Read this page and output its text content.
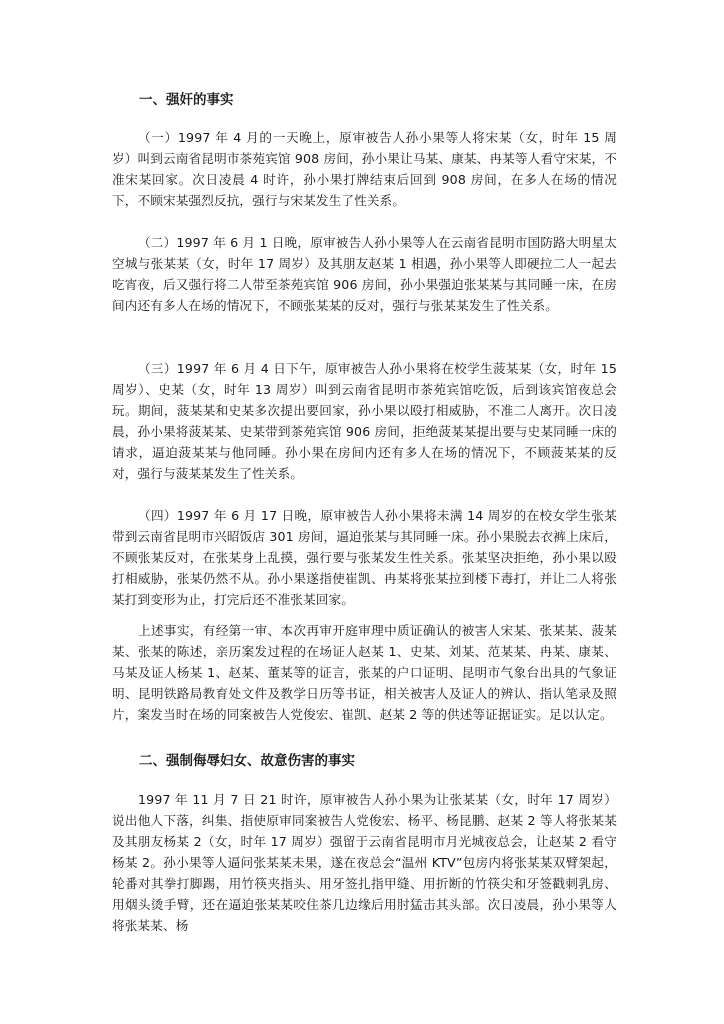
一、强奸的事实

（一）1997 年 4 月的一天晚上，原审被告人孙小果等人将宋某（女，时年 15 周岁）叫到云南省昆明市茶苑宾馆 908 房间，孙小果让马某、康某、冉某等人看守宋某，不准宋某回家。次日凌晨 4 时许，孙小果打牌结束后回到 908 房间，在多人在场的情况下，不顾宋某强烈反抗，强行与宋某发生了性关系。

（二）1997 年 6 月 1 日晚，原审被告人孙小果等人在云南省昆明市国防路大明星太空城与张某某（女，时年 17 周岁）及其朋友赵某 1 相遇，孙小果等人即硬拉二人一起去吃宵夜，后又强行将二人带至茶苑宾馆 906 房间，孙小果强迫张某某与其同睡一床，在房间内还有多人在场的情况下，不顾张某某的反对，强行与张某某发生了性关系。

（三）1997 年 6 月 4 日下午，原审被告人孙小果将在校学生菠某某（女，时年 15 周岁）、史某（女，时年 13 周岁）叫到云南省昆明市茶苑宾馆吃饭，后到该宾馆夜总会玩。期间，菠某某和史某多次提出要回家，孙小果以殴打相威胁，不准二人离开。次日凌晨，孙小果将菠某某、史某带到茶苑宾馆 906 房间，拒绝菠某某提出要与史某同睡一床的请求，逼迫菠某某与他同睡。孙小果在房间内还有多人在场的情况下，不顾菠某某的反对，强行与菠某某发生了性关系。

（四）1997 年 6 月 17 日晚，原审被告人孙小果将未满 14 周岁的在校女学生张某带到云南省昆明市兴昭饭店 301 房间，逼迫张某与其同睡一床。孙小果脱去衣裤上床后，不顾张某反对，在张某身上乱摸，强行要与张某发生性关系。张某坚决拒绝，孙小果以殴打相威胁，张某仍然不从。孙小果遂指使崔凯、冉某将张某拉到楼下毒打，并让二人将张某打到变形为止，打完后还不准张某回家。

上述事实，有经第一审、本次再审开庭审理中质证确认的被害人宋某、张某某、菠某某、张某的陈述，亲历案发过程的在场证人赵某 1、史某、刘某、范某某、冉某、康某、马某及证人杨某 1、赵某、董某等的证言，张某的户口证明、昆明市气象台出具的气象证明、昆明铁路局教育处文件及教学日历等书证，相关被害人及证人的辨认、指认笔录及照片，案发当时在场的同案被告人党俊宏、崔凯、赵某 2 等的供述等证据证实。足以认定。

二、强制侮辱妇女、故意伤害的事实

1997 年 11 月 7 日 21 时许，原审被告人孙小果为让张某某（女，时年 17 周岁）说出他人下落，纠集、指使原审同案被告人党俊宏、杨平、杨昆鹏、赵某 2 等人将张某某及其朋友杨某 2（女，时年 17 周岁）强留于云南省昆明市月光城夜总会，让赵某 2 看守杨某 2。孙小果等人逼问张某某未果，遂在夜总会“温州 KTV”包房内将张某某双臂架起，轮番对其拳打脚踢，用竹筷夹指头、用牙签扎指甲缝、用折断的竹筷尖和牙签戳刺乳房、用烟头烫手臂，还在逼迫张某某咬住茶几边缘后用肘猛击其头部。次日凌晨，孙小果等人将张某某、杨
